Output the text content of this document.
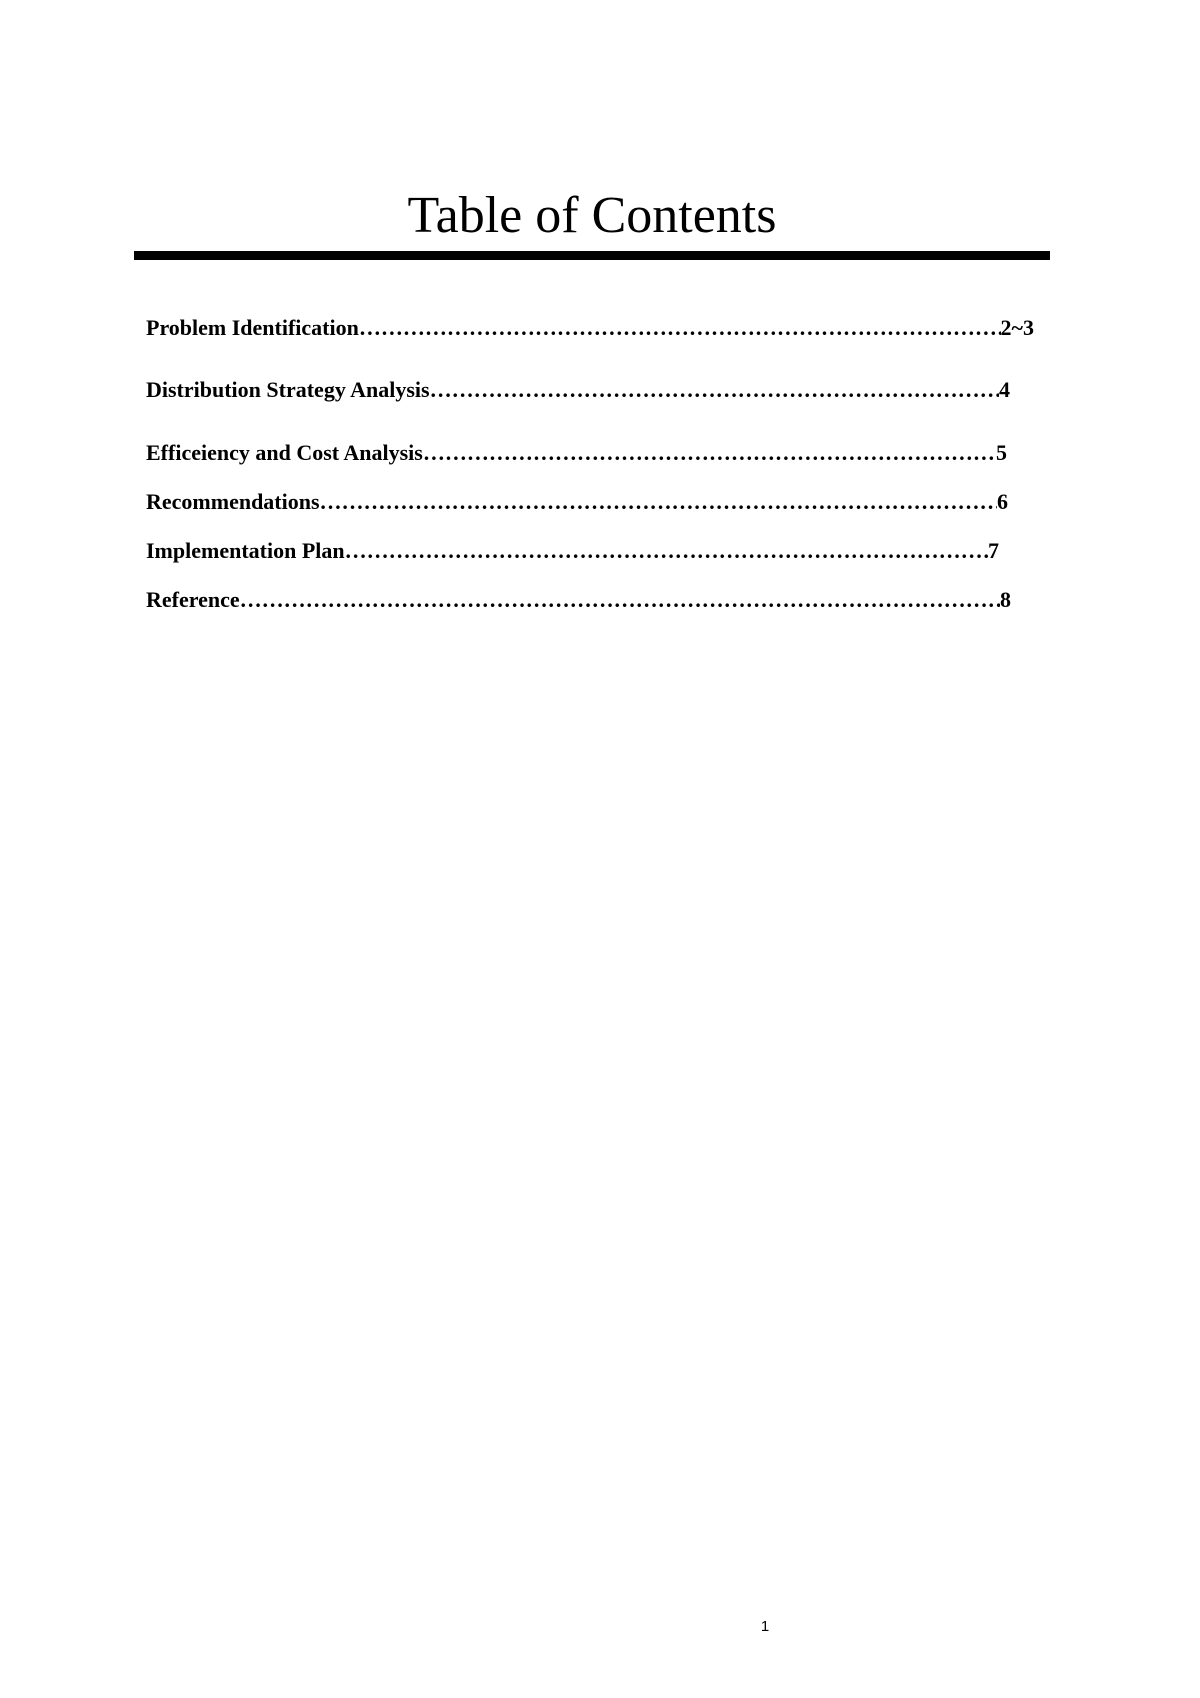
Table of Contents
Problem Identification ……………………………………………………………………………………………………………………………………	2~3
Distribution Strategy Analysis ……………………………………………………………………………………………………………………………………	4
Efficeiency and Cost Analysis ……………………………………………………………………………………………………………………………………	5
Recommendations ……………………………………………………………………………………………………………………………………	6
Implementation Plan ……………………………………………………………………………………………………………………………………	7
Reference ……………………………………………………………………………………………………………………………………	8
1
